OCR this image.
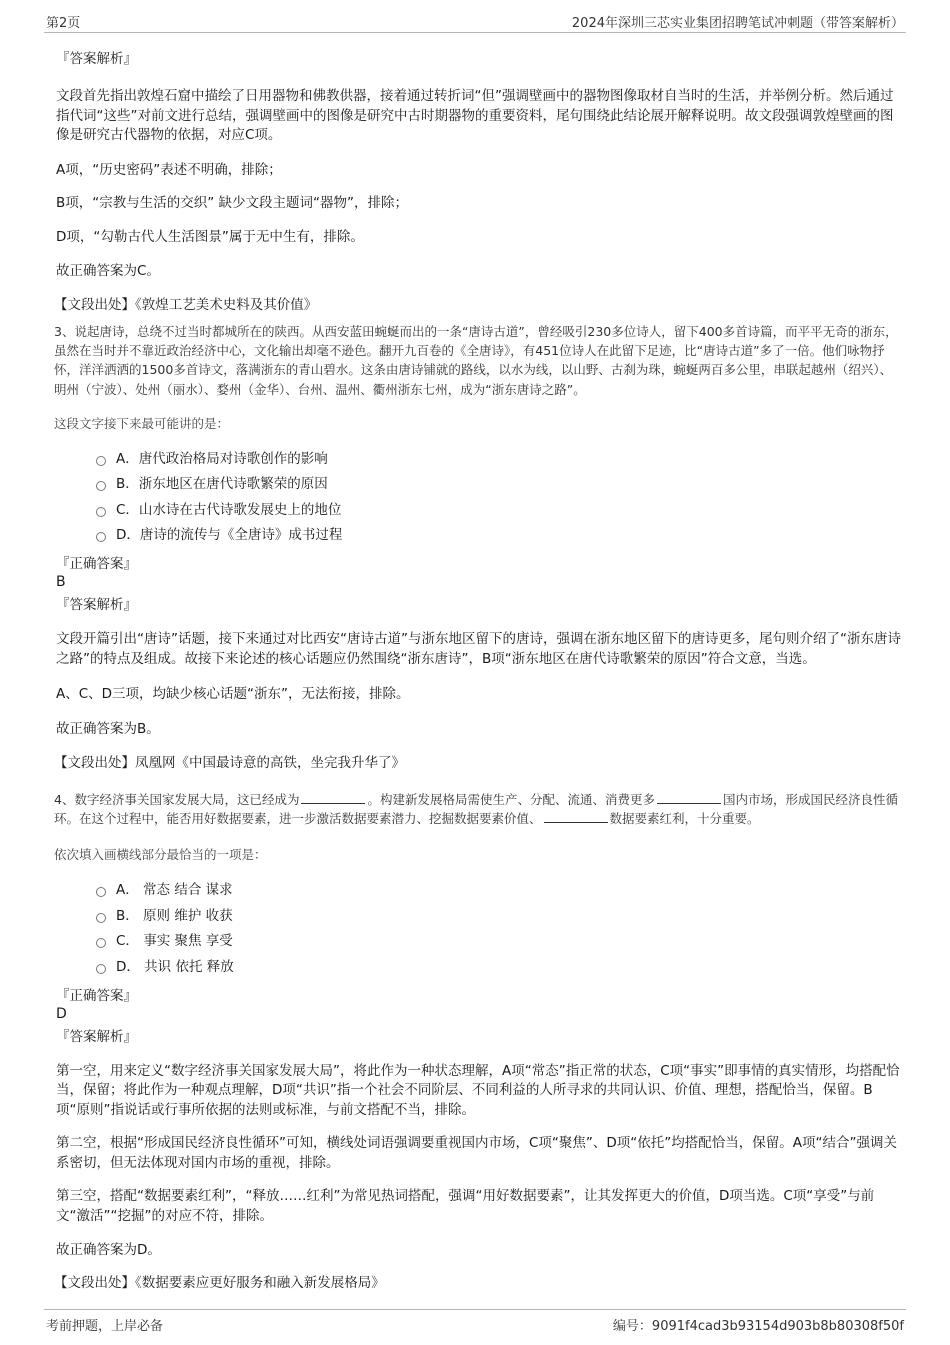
第2页	2024年深圳三芯实业集团招聘笔试冲刺题（带答案解析）

『答案解析』

文段首先指出敦煌石窟中描绘了日用器物和佛教供器，接着通过转折词“但”强调壁画中的器物图像取材自当时的生活，并举例分析。然后通过指代词“这些”对前文进行总结，强调壁画中的图像是研究中古时期器物的重要资料，尾句围绕此结论展开解释说明。故文段强调敦煌壁画的图像是研究古代器物的依据，对应C项。

A项，“历史密码”表述不明确，排除；

B项，“宗教与生活的交织” 缺少文段主题词“器物”，排除；

D项，“勾勒古代人生活图景”属于无中生有，排除。

故正确答案为C。

【文段出处】《敦煌工艺美术史料及其价值》

3、说起唐诗，总绕不过当时都城所在的陕西。从西安蓝田蜿蜒而出的一条“唐诗古道”，曾经吸引230多位诗人，留下400多首诗篇，而平平无奇的浙东，虽然在当时并不靠近政治经济中心，文化输出却毫不逊色。翻开九百卷的《全唐诗》，有451位诗人在此留下足迹，比“唐诗古道”多了一倍。他们咏物抒怀，洋洋洒洒的1500多首诗文，落满浙东的青山碧水。这条由唐诗铺就的路线，以水为线，以山野、古刹为珠，蜿蜒两百多公里，串联起越州（绍兴）、明州（宁波）、处州（丽水）、婺州（金华）、台州、温州、衢州浙东七州，成为“浙东唐诗之路”。

这段文字接下来最可能讲的是：

A．唐代政治格局对诗歌创作的影响
B．浙东地区在唐代诗歌繁荣的原因
C．山水诗在古代诗歌发展史上的地位
D．唐诗的流传与《全唐诗》成书过程

『正确答案』

B

『答案解析』

文段开篇引出“唐诗”话题，接下来通过对比西安“唐诗古道”与浙东地区留下的唐诗，强调在浙东地区留下的唐诗更多，尾句则介绍了“浙东唐诗之路”的特点及组成。故接下来论述的核心话题应仍然围绕“浙东唐诗”，B项“浙东地区在唐代诗歌繁荣的原因”符合文意，当选。

A、C、D三项，均缺少核心话题“浙东”，无法衔接，排除。

故正确答案为B。

【文段出处】凤凰网《中国最诗意的高铁，坐完我升华了》

4、数字经济事关国家发展大局，这已经成为	。构建新发展格局需使生产、分配、流通、消费更多	国内市场，形成国民经济良性循环。在这个过程中，能否用好数据要素，进一步激活数据要素潜力、挖掘数据要素价值、	数据要素红利，十分重要。

依次填入画横线部分最恰当的一项是：

A． 常态 结合 谋求
B． 原则 维护 收获
C． 事实 聚焦 享受
D． 共识 依托 释放

『正确答案』

D

『答案解析』

第一空，用来定义“数字经济事关国家发展大局”，将此作为一种状态理解，A项“常态”指正常的状态，C项“事实”即事情的真实情形，均搭配恰当，保留；将此作为一种观点理解，D项“共识”指一个社会不同阶层、不同利益的人所寻求的共同认识、价值、理想，搭配恰当，保留。B项“原则”指说话或行事所依据的法则或标准，与前文搭配不当，排除。

第二空，根据“形成国民经济良性循环”可知，横线处词语强调要重视国内市场，C项“聚焦”、D项“依托”均搭配恰当，保留。A项“结合”强调关系密切，但无法体现对国内市场的重视，排除。

第三空，搭配“数据要素红利”，“释放……红利”为常见热词搭配，强调“用好数据要素”，让其发挥更大的价值，D项当选。C项“享受”与前文“激活”“挖掘”的对应不符，排除。

故正确答案为D。

【文段出处】《数据要素应更好服务和融入新发展格局》

考前押题，上岸必备	编号：9091f4cad3b93154d903b8b80308f50f
